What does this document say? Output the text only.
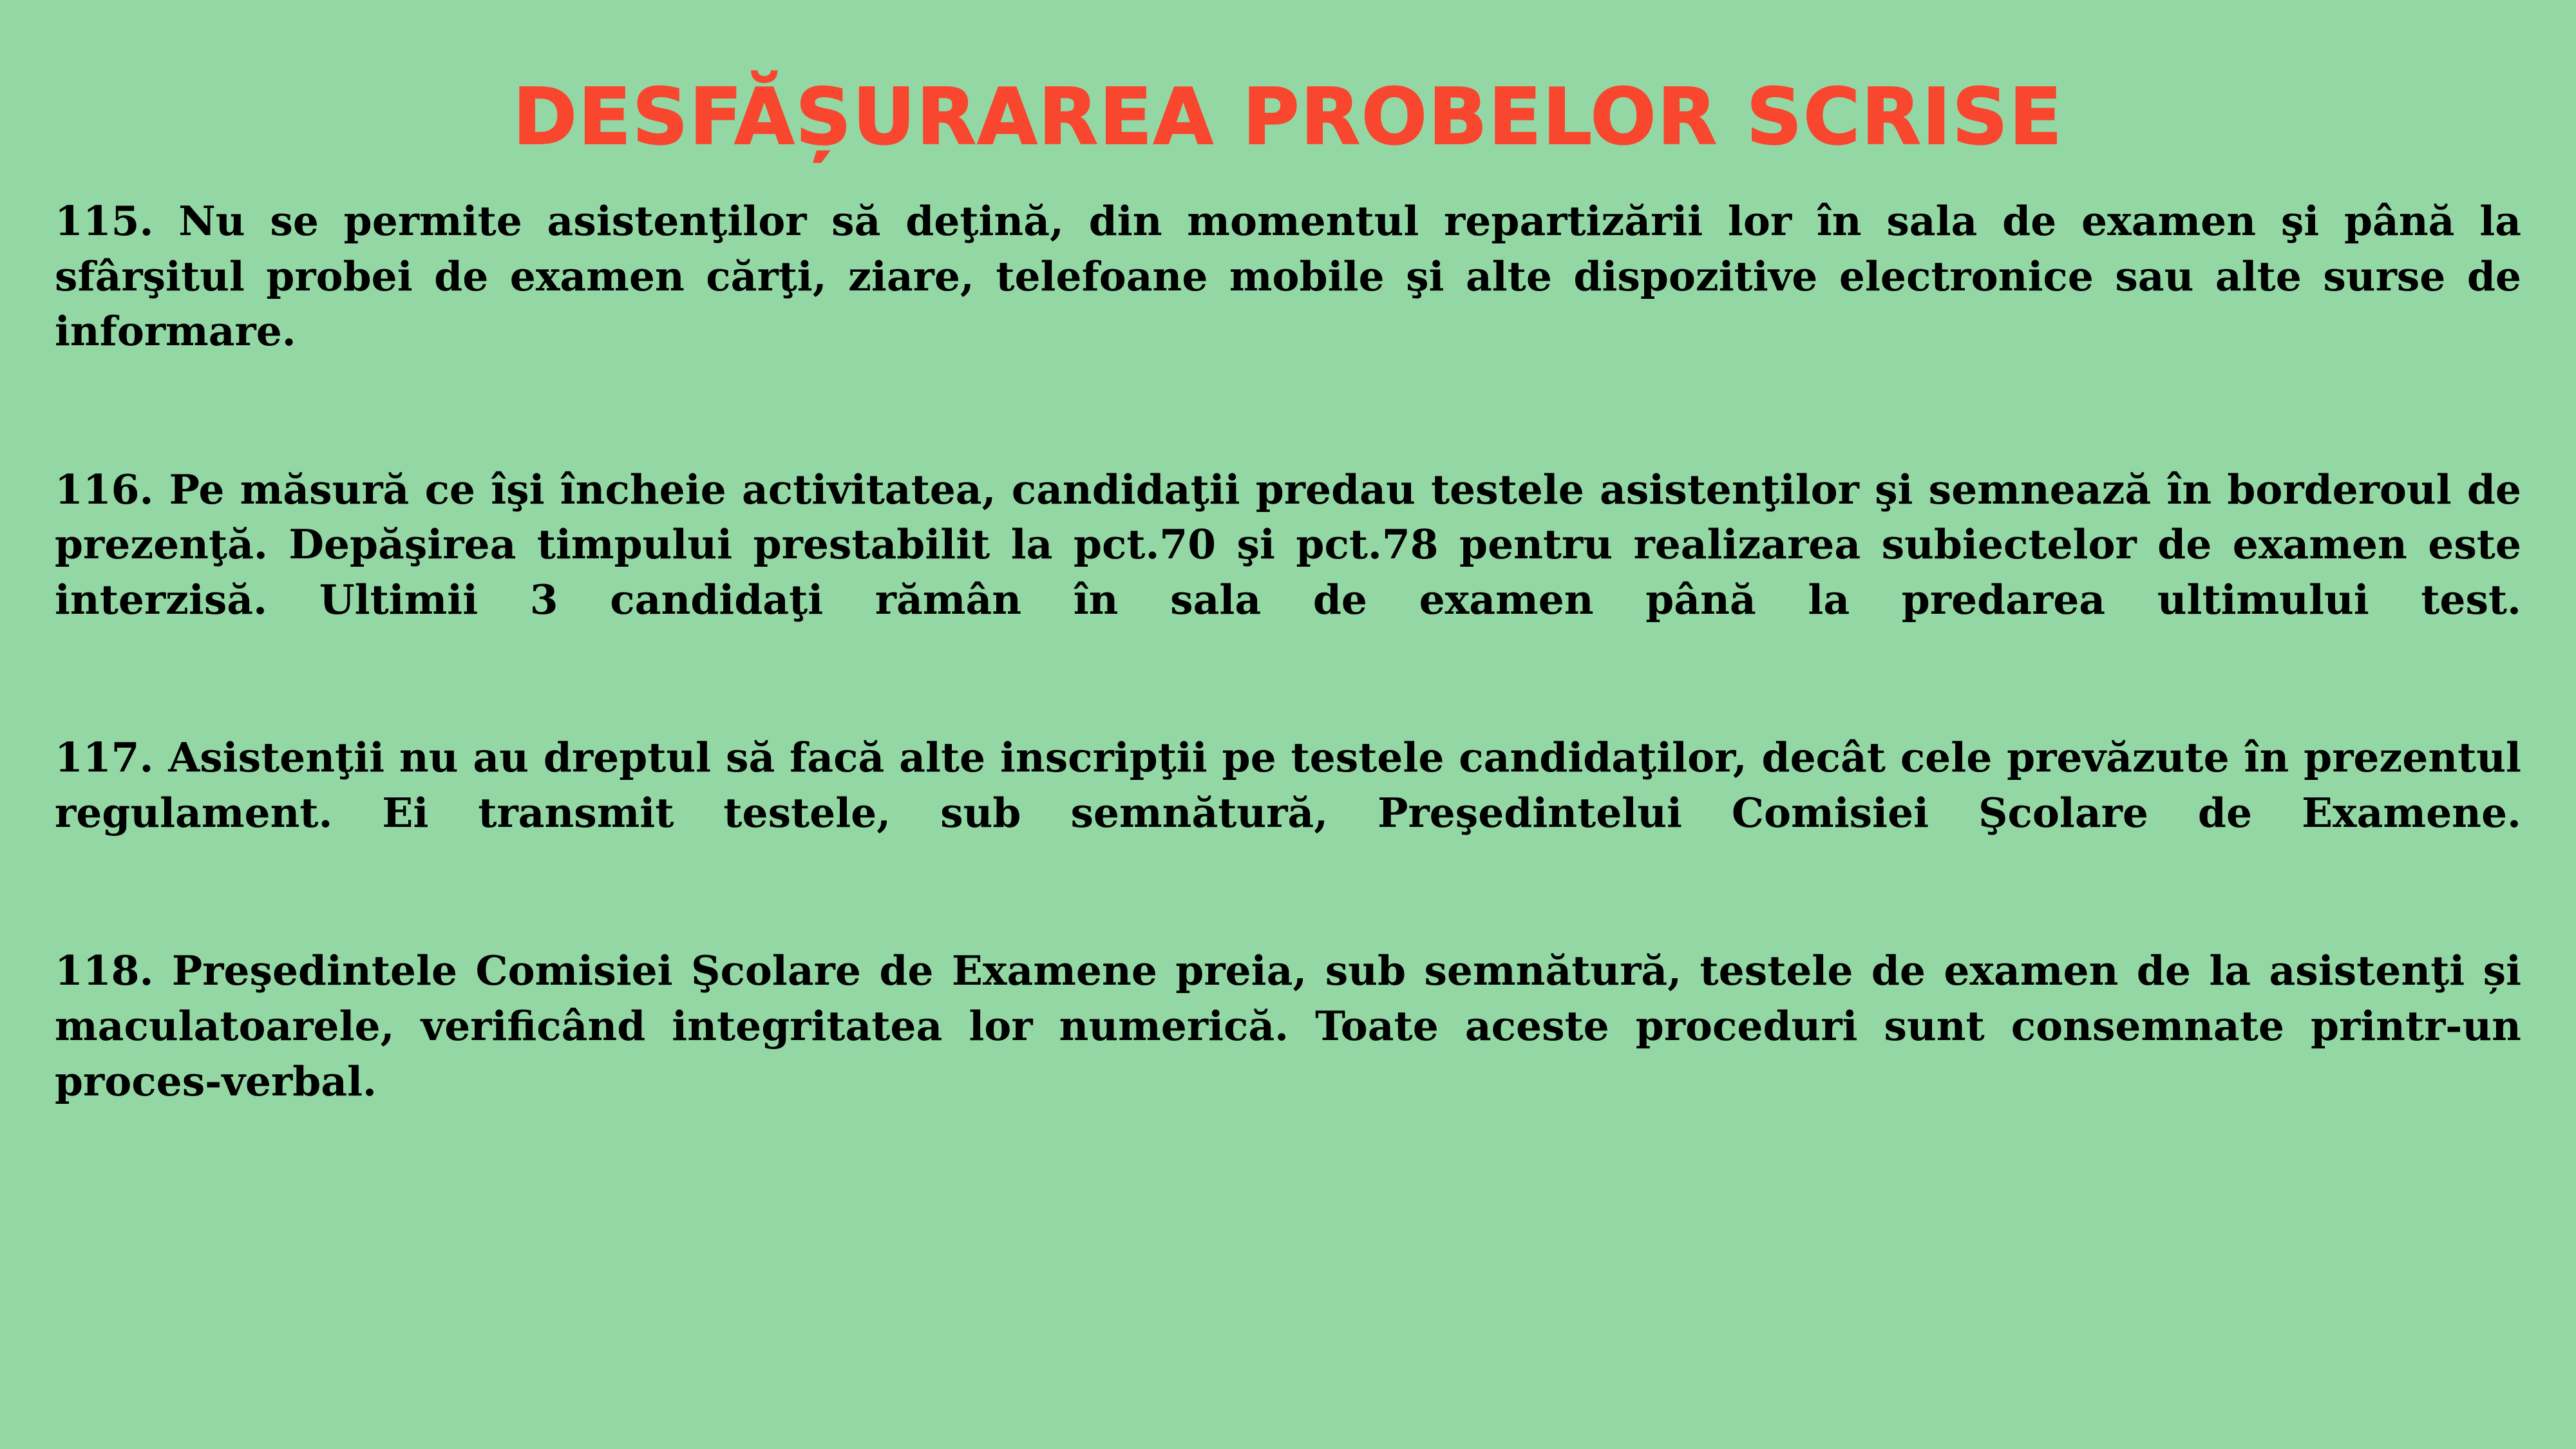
DESFĂȘURAREA PROBELOR SCRISE

115. Nu se permite asistenţilor să deţină, din momentul repartizării lor în sala de examen şi până la sfârşitul probei de examen cărţi, ziare, telefoane mobile şi alte dispozitive electronice sau alte surse de informare.

116. Pe măsură ce îşi încheie activitatea, candidaţii predau testele asistenţilor şi semnează în borderoul de prezenţă. Depăşirea timpului prestabilit la pct.70 şi pct.78 pentru realizarea subiectelor de examen este interzisă. Ultimii 3 candidaţi rămân în sala de examen până la predarea ultimului test.

117. Asistenţii nu au dreptul să facă alte inscripţii pe testele candidaţilor, decât cele prevăzute în prezentul regulament. Ei transmit testele, sub semnătură, Preşedintelui Comisiei Şcolare de Examene.

118. Preşedintele Comisiei Şcolare de Examene preia, sub semnătură, testele de examen de la asistenţi și maculatoarele, verificând integritatea lor numerică. Toate aceste proceduri sunt consemnate printr-un proces-verbal.
